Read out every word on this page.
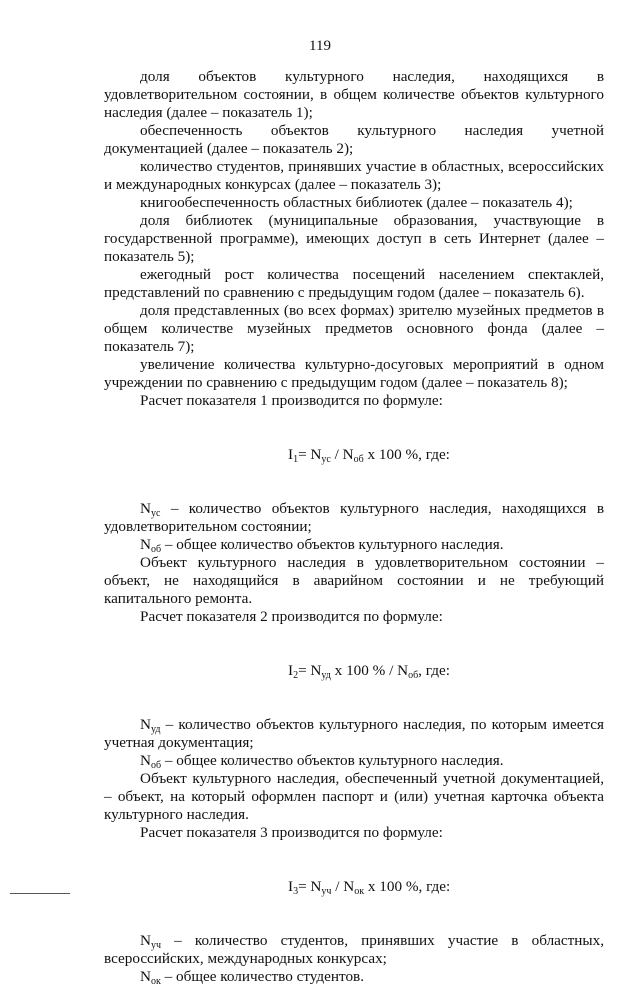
119

доля объектов культурного наследия, находящихся в удовлетворительном состоянии, в общем количестве объектов культурного наследия (далее – показатель 1);

обеспеченность объектов культурного наследия учетной документацией (далее – показатель 2);

количество студентов, принявших участие в областных, всероссийских и международных конкурсах (далее – показатель 3);

книгообеспеченность областных библиотек (далее – показатель 4);

доля библиотек (муниципальные образования, участвующие в государственной программе), имеющих доступ в сеть Интернет (далее – показатель 5);

ежегодный рост количества посещений населением спектаклей, представлений по сравнению с предыдущим годом (далее – показатель 6).

доля представленных (во всех формах) зрителю музейных предметов в общем количестве музейных предметов основного фонда (далее – показатель 7);

увеличение количества культурно-досуговых мероприятий в одном учреждении по сравнению с предыдущим годом (далее – показатель 8);

Расчет показателя 1 производится по формуле:

$I_1= N_{ус} / N_{об}$ x 100 %, где:

$N_{ус}$ – количество объектов культурного наследия, находящихся в удовлетворительном состоянии;

$N_{об}$ – общее количество объектов культурного наследия.

Объект культурного наследия в удовлетворительном состоянии – объект, не находящийся в аварийном состоянии и не требующий капитального ремонта.

Расчет показателя 2 производится по формуле:

$I_2= N_{уд}$ x 100 % / $N_{об}$, где:

$N_{уд}$ – количество объектов культурного наследия, по которым имеется учетная документация;

$N_{об}$ – общее количество объектов культурного наследия.

Объект культурного наследия, обеспеченный учетной документацией, – объект, на который оформлен паспорт и (или) учетная карточка объекта культурного наследия.

Расчет показателя 3 производится по формуле:

$I_3= N_{уч} / N_{ок}$ x 100 %, где:

$N_{уч}$ – количество студентов, принявших участие в областных, всероссийских, международных конкурсах;

$N_{ок}$ – общее количество студентов.
